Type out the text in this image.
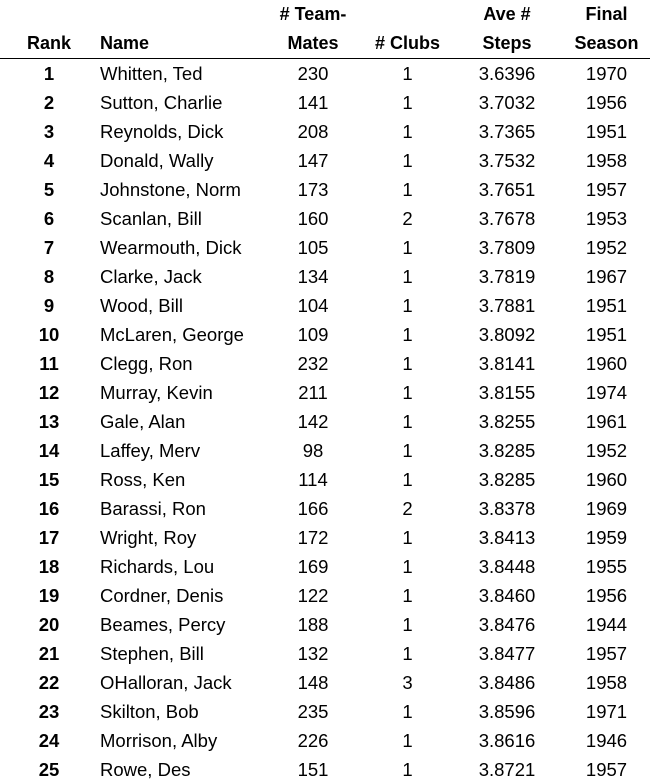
		# Team-		Ave #	Final
Rank	Name	Mates	# Clubs	Steps	Season
1	Whitten, Ted	230	1	3.6396	1970
2	Sutton, Charlie	141	1	3.7032	1956
3	Reynolds, Dick	208	1	3.7365	1951
4	Donald, Wally	147	1	3.7532	1958
5	Johnstone, Norm	173	1	3.7651	1957
6	Scanlan, Bill	160	2	3.7678	1953
7	Wearmouth, Dick	105	1	3.7809	1952
8	Clarke, Jack	134	1	3.7819	1967
9	Wood, Bill	104	1	3.7881	1951
10	McLaren, George	109	1	3.8092	1951
11	Clegg, Ron	232	1	3.8141	1960
12	Murray, Kevin	211	1	3.8155	1974
13	Gale, Alan	142	1	3.8255	1961
14	Laffey, Merv	98	1	3.8285	1952
15	Ross, Ken	114	1	3.8285	1960
16	Barassi, Ron	166	2	3.8378	1969
17	Wright, Roy	172	1	3.8413	1959
18	Richards, Lou	169	1	3.8448	1955
19	Cordner, Denis	122	1	3.8460	1956
20	Beames, Percy	188	1	3.8476	1944
21	Stephen, Bill	132	1	3.8477	1957
22	OHalloran, Jack	148	3	3.8486	1958
23	Skilton, Bob	235	1	3.8596	1971
24	Morrison, Alby	226	1	3.8616	1946
25	Rowe, Des	151	1	3.8721	1957
